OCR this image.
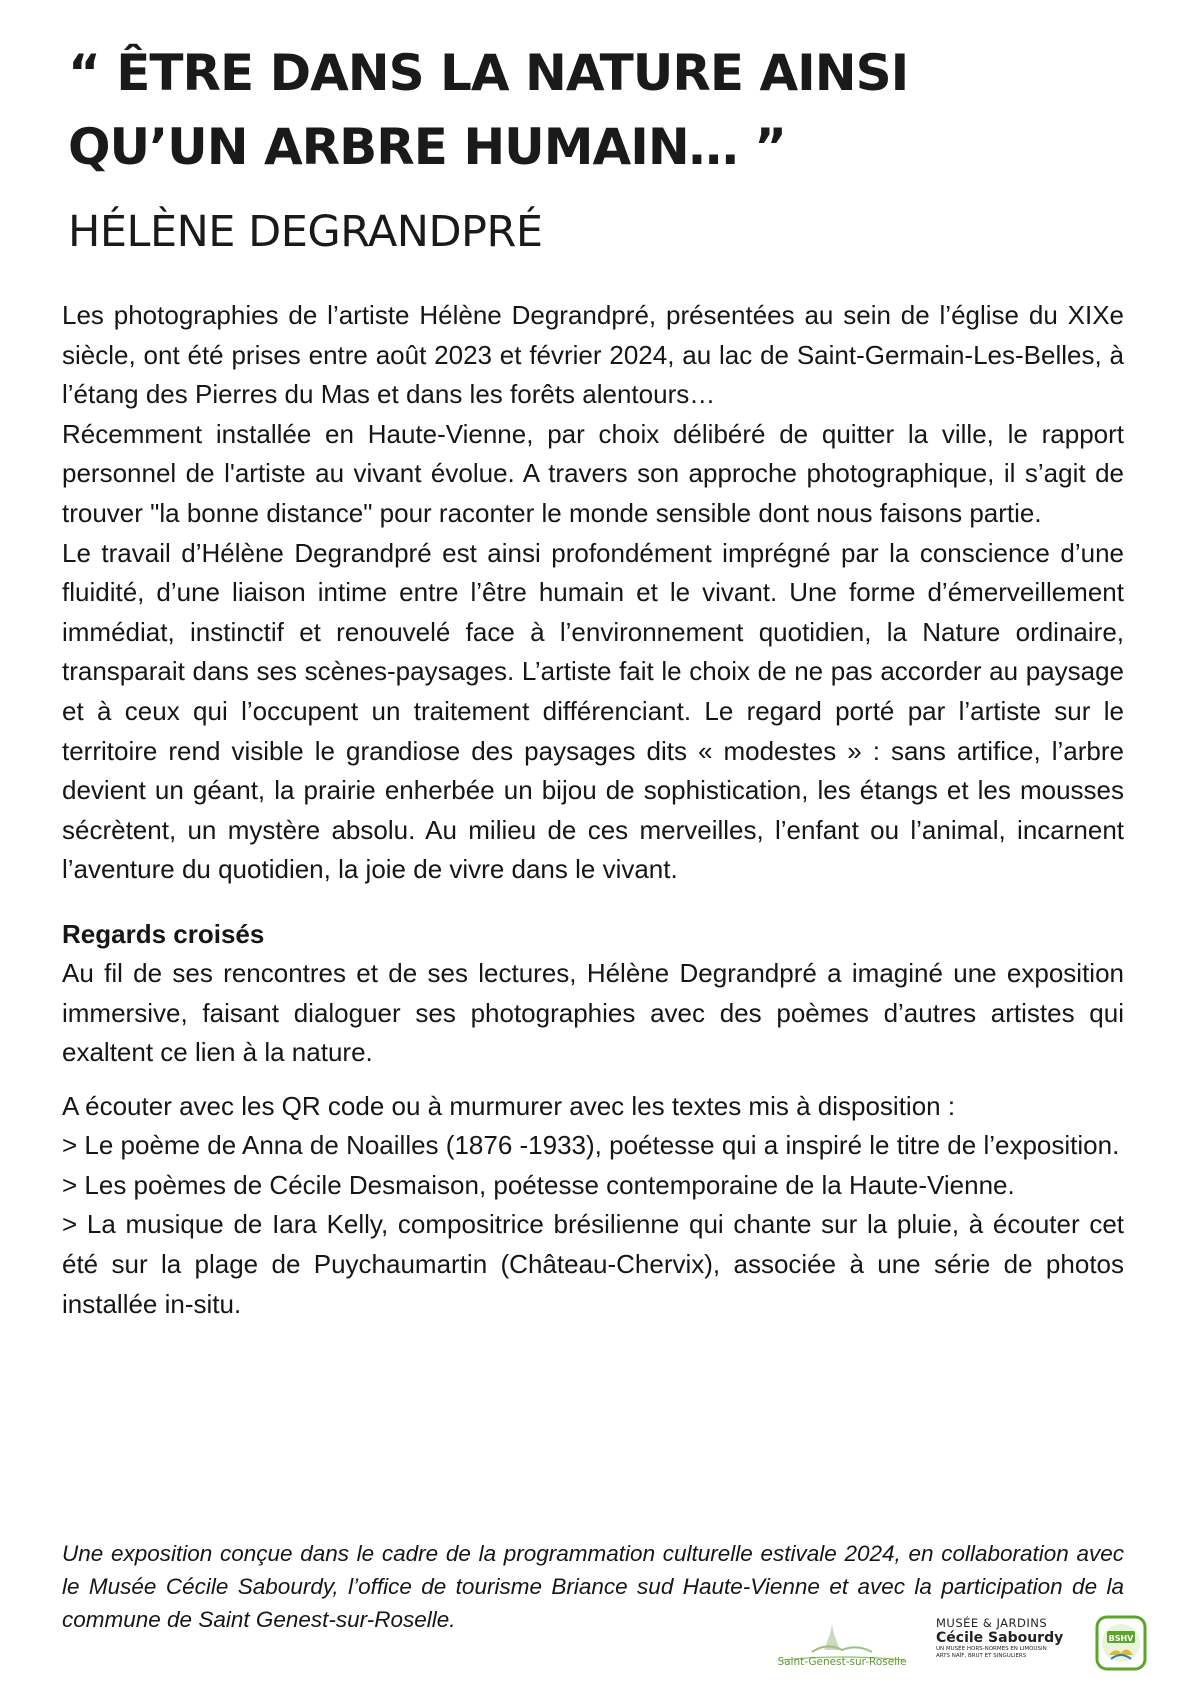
“ ÊTRE DANS LA NATURE AINSI
QU’UN ARBRE HUMAIN… ”
HÉLÈNE DEGRANDPRÉ

Les photographies de l’artiste Hélène Degrandpré, présentées au sein de l’église du XIXe siècle, ont été prises entre août 2023 et février 2024, au lac de Saint-Germain-Les-Belles, à l’étang des Pierres du Mas et dans les forêts alentours…

Récemment installée en Haute-Vienne, par choix délibéré de quitter la ville, le rapport personnel de l'artiste au vivant évolue. A travers son approche photographique, il s’agit de trouver "la bonne distance" pour raconter le monde sensible dont nous faisons partie.

Le travail d’Hélène Degrandpré est ainsi profondément imprégné par la conscience d’une fluidité, d’une liaison intime entre l’être humain et le vivant. Une forme d’émerveillement immédiat, instinctif et renouvelé face à l’environnement quotidien, la Nature ordinaire, transparait dans ses scènes-paysages. L’artiste fait le choix de ne pas accorder au paysage et à ceux qui l’occupent un traitement différenciant. Le regard porté par l’artiste sur le territoire rend visible le grandiose des paysages dits « modestes » : sans artifice, l’arbre devient un géant, la prairie enherbée un bijou de sophistication, les étangs et les mousses sécrètent, un mystère absolu. Au milieu de ces merveilles, l’enfant ou l’animal, incarnent l’aventure du quotidien, la joie de vivre dans le vivant.

Regards croisés

Au fil de ses rencontres et de ses lectures, Hélène Degrandpré a imaginé une exposition immersive, faisant dialoguer ses photographies avec des poèmes d’autres artistes qui exaltent ce lien à la nature.

A écouter avec les QR code ou à murmurer avec les textes mis à disposition :

> Le poème de Anna de Noailles (1876 -1933), poétesse qui a inspiré le titre de l’exposition.

> Les poèmes de Cécile Desmaison, poétesse contemporaine de la Haute-Vienne.

> La musique de Iara Kelly, compositrice brésilienne qui chante sur la pluie, à écouter cet été sur la plage de Puychaumartin (Château-Chervix), associée à une série de photos installée in-situ.

Une exposition conçue dans le cadre de la programmation culturelle estivale 2024, en collaboration avec le Musée Cécile Sabourdy, l’office de tourisme Briance sud Haute-Vienne et avec la participation de la commune de Saint Genest-sur-Roselle.
Saint-Genest-sur-Roselle
MUSÉE & JARDINS
Cécile Sabourdy
UN MUSÉE HORS-NORMES EN LIMOUSIN
ARTS NAÏF, BRUT ET SINGULIERS
BSHV
